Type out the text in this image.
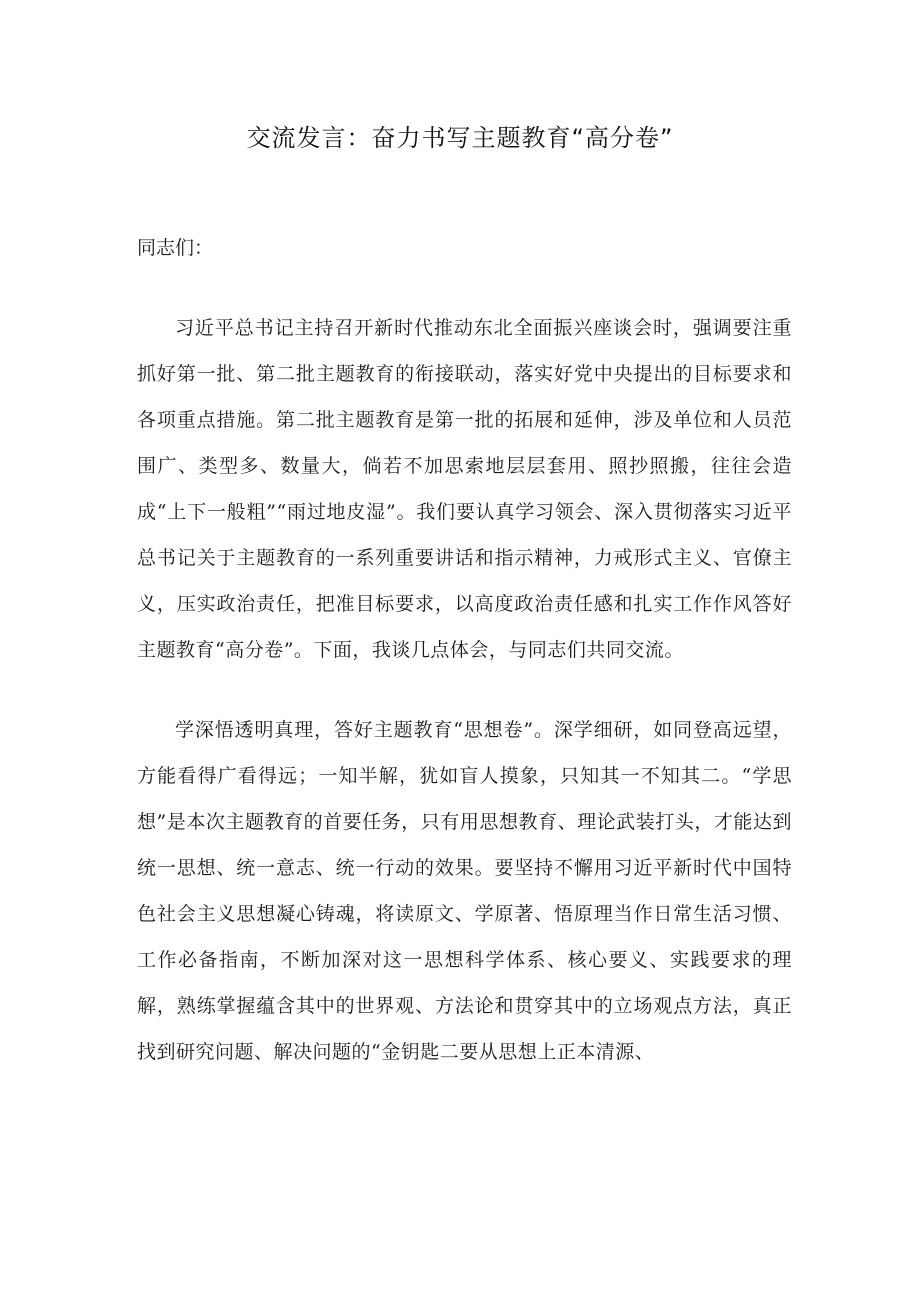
交流发言：奋力书写主题教育“高分卷”

同志们：

习近平总书记主持召开新时代推动东北全面振兴座谈会时，强调要注重抓好第一批、第二批主题教育的衔接联动，落实好党中央提出的目标要求和各项重点措施。第二批主题教育是第一批的拓展和延伸，涉及单位和人员范围广、类型多、数量大，倘若不加思索地层层套用、照抄照搬，往往会造成“上下一般粗”“雨过地皮湿”。我们要认真学习领会、深入贯彻落实习近平总书记关于主题教育的一系列重要讲话和指示精神，力戒形式主义、官僚主义，压实政治责任，把准目标要求，以高度政治责任感和扎实工作作风答好主题教育“高分卷”。下面，我谈几点体会，与同志们共同交流。

学深悟透明真理，答好主题教育“思想卷”。深学细研，如同登高远望，方能看得广看得远；一知半解，犹如盲人摸象，只知其一不知其二。“学思想”是本次主题教育的首要任务，只有用思想教育、理论武装打头，才能达到统一思想、统一意志、统一行动的效果。要坚持不懈用习近平新时代中国特色社会主义思想凝心铸魂，将读原文、学原著、悟原理当作日常生活习惯、工作必备指南，不断加深对这一思想科学体系、核心要义、实践要求的理解，熟练掌握蕴含其中的世界观、方法论和贯穿其中的立场观点方法，真正找到研究问题、解决问题的“金钥匙二要从思想上正本清源、
